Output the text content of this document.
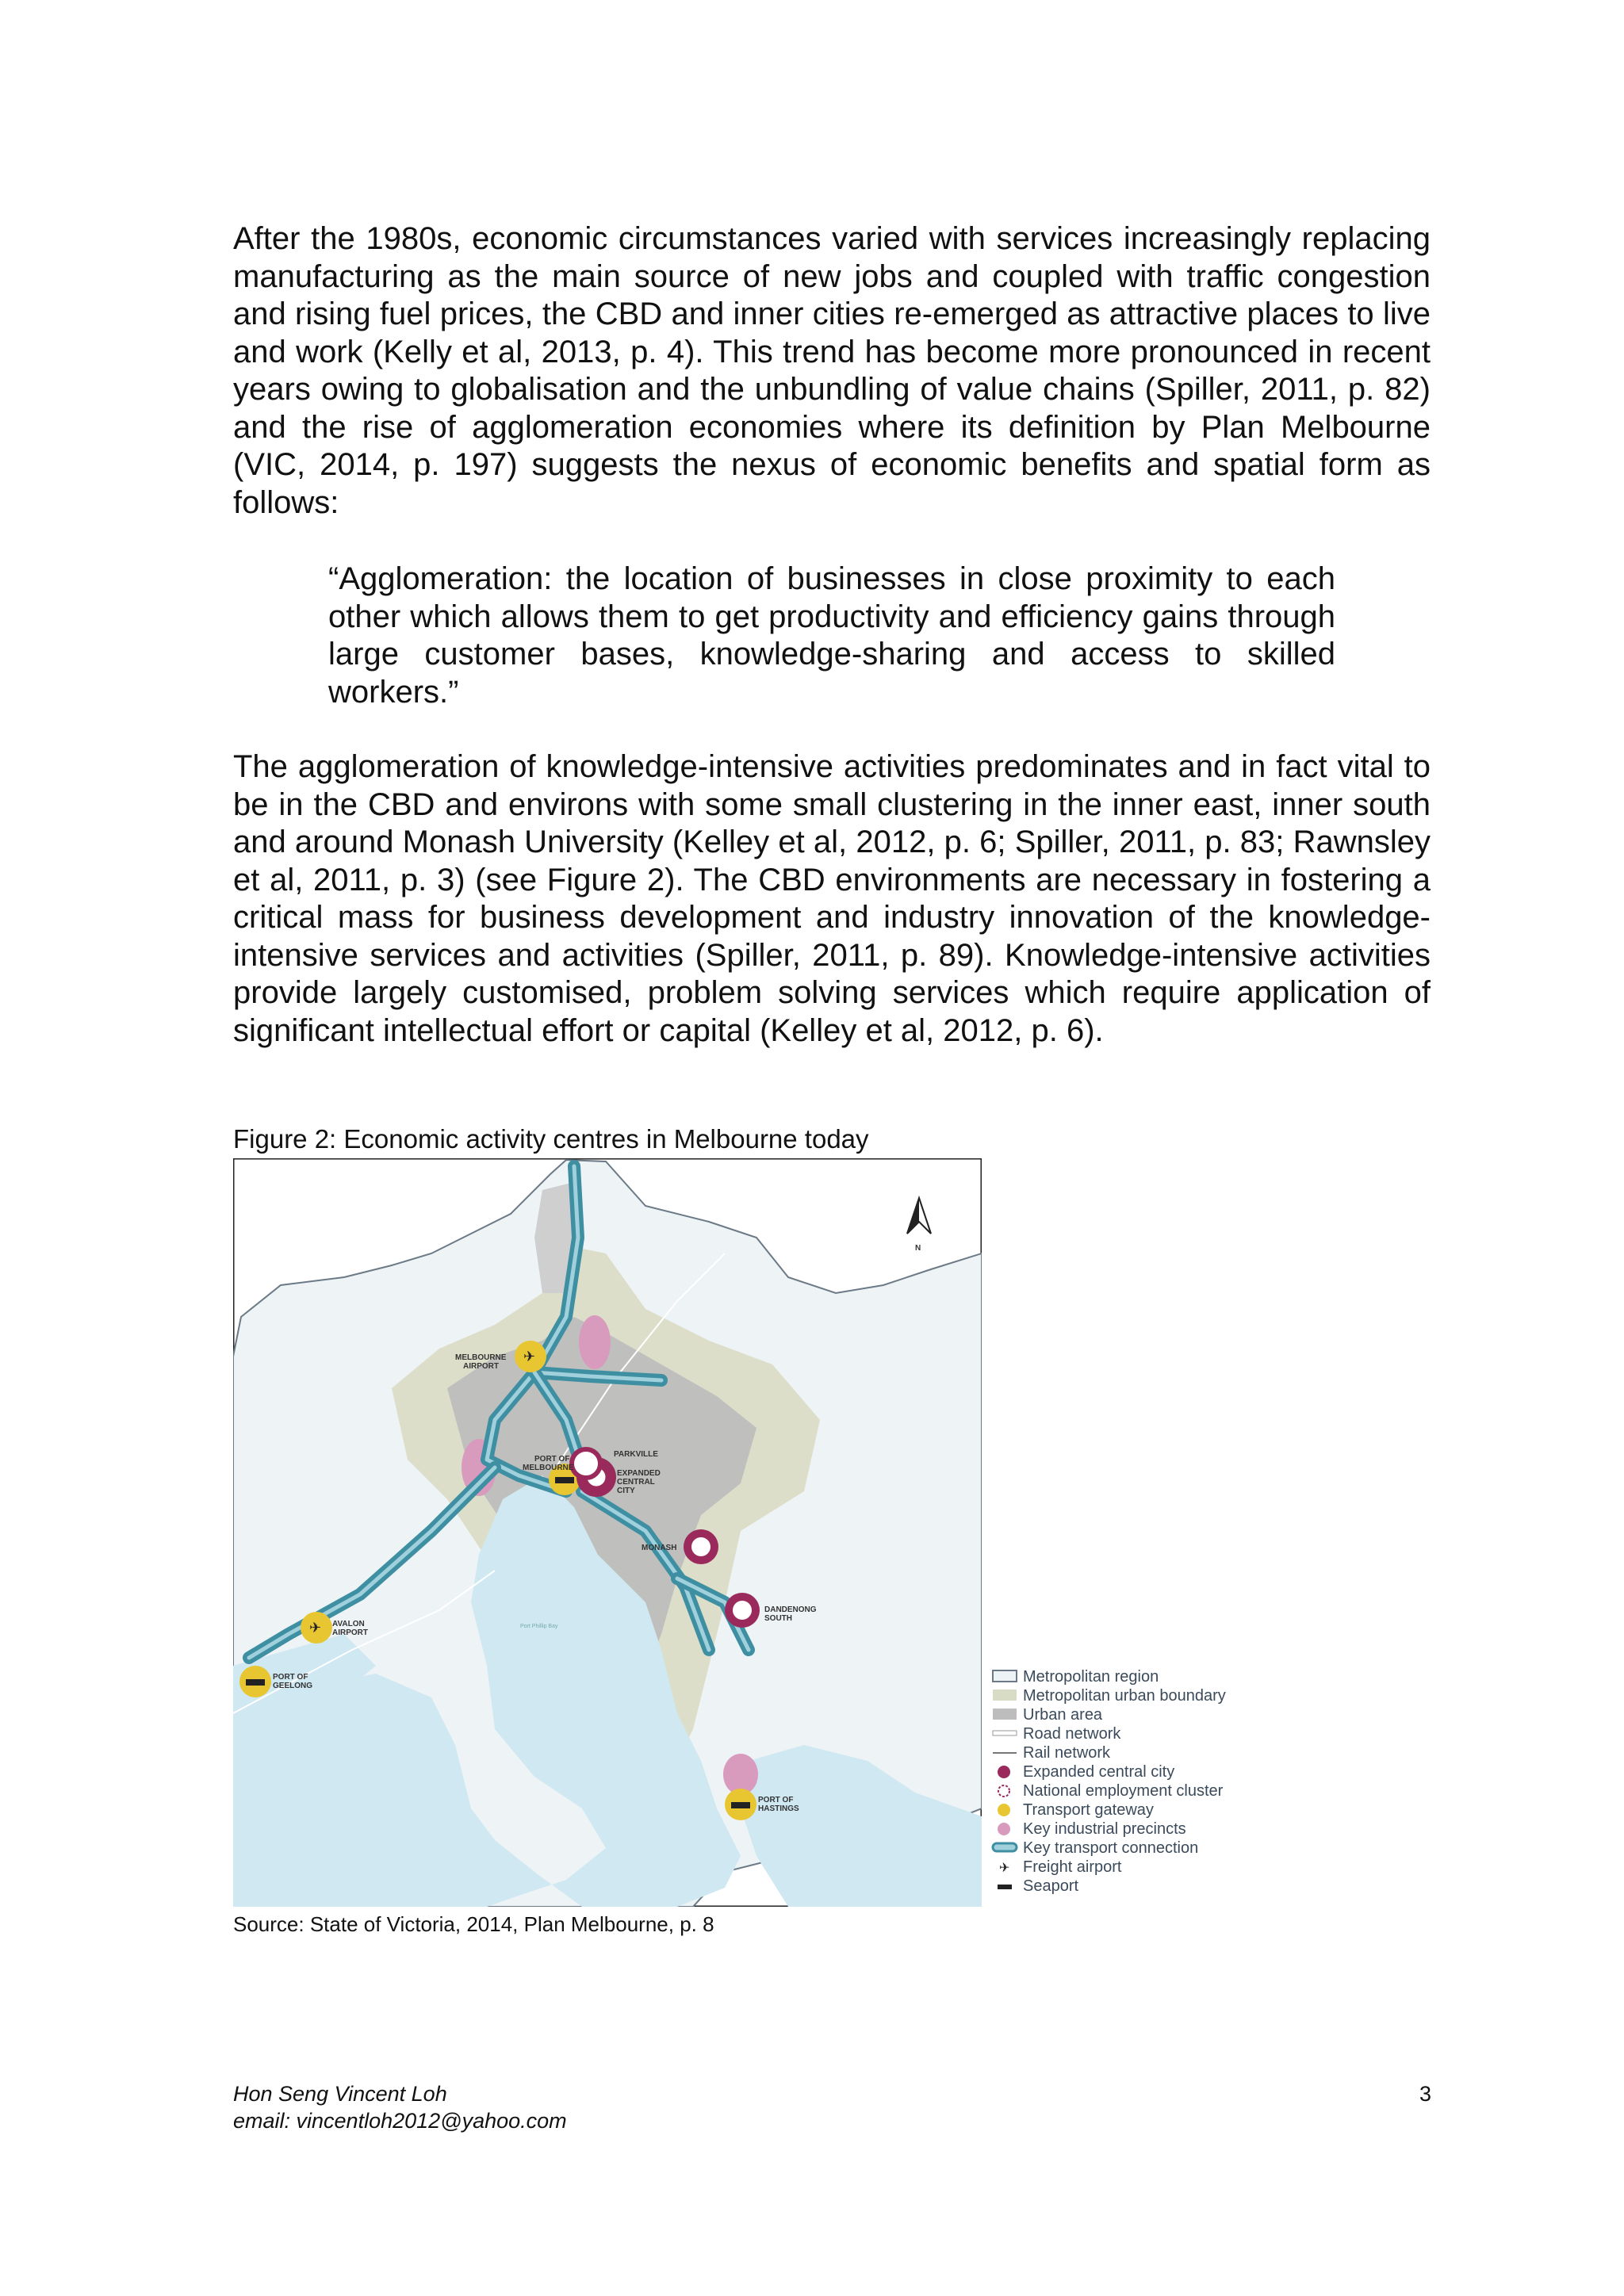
After the 1980s, economic circumstances varied with services increasingly replacing manufacturing as the main source of new jobs and coupled with traffic congestion and rising fuel prices, the CBD and inner cities re-emerged as attractive places to live and work (Kelly et al, 2013, p. 4). This trend has become more pronounced in recent years owing to globalisation and the unbundling of value chains (Spiller, 2011, p. 82) and the rise of agglomeration economies where its definition by Plan Melbourne (VIC, 2014, p. 197) suggests the nexus of economic benefits and spatial form as follows:

“Agglomeration: the location of businesses in close proximity to each other which allows them to get productivity and efficiency gains through large customer bases, knowledge-sharing and access to skilled workers.”

The agglomeration of knowledge-intensive activities predominates and in fact vital to be in the CBD and environs with some small clustering in the inner east, inner south and around Monash University (Kelley et al, 2012, p. 6; Spiller, 2011, p. 83; Rawnsley et al, 2011, p. 3) (see Figure 2). The CBD environments are necessary in fostering a critical mass for business development and industry innovation of the knowledge-intensive services and activities (Spiller, 2011, p. 89). Knowledge-intensive activities provide largely customised, problem solving services which require application of significant intellectual effort or capital (Kelley et al, 2012, p. 6).

Figure 2: Economic activity centres in Melbourne today

✈
✈
N
MELBOURNE
AIRPORT
PORT OF
MELBOURNE
PARKVILLE
EXPANDED
CENTRAL
CITY
MONASH
DANDENONG
SOUTH
AVALON
AIRPORT
PORT OF
GEELONG
PORT OF
HASTINGS
Port Phillip Bay
Metropolitan region
Metropolitan urban boundary
Urban area
Road network
Rail network
Expanded central city
National employment cluster
Transport gateway
Key industrial precincts
Key transport connection
✈ Freight airport
Seaport

Source: State of Victoria, 2014, Plan Melbourne, p. 8

Hon Seng Vincent Loh

email: vincentloh2012@yahoo.com

3
